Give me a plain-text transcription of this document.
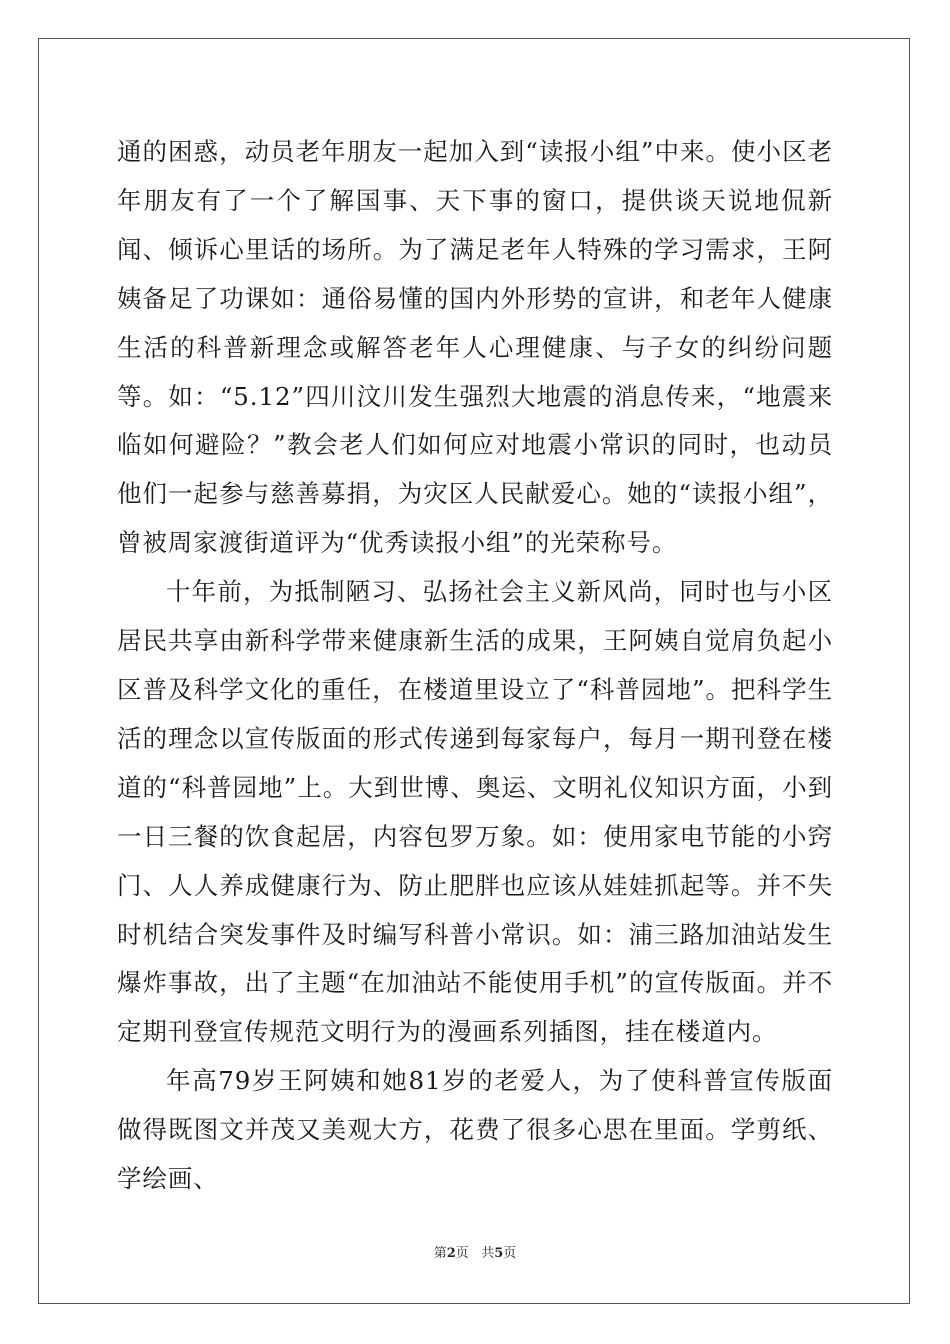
通的困惑，动员老年朋友一起加入到“读报小组”中来。使小区老年朋友有了一个了解国事、天下事的窗口，提供谈天说地侃新闻、倾诉心里话的场所。为了满足老年人特殊的学习需求，王阿姨备足了功课如：通俗易懂的国内外形势的宣讲，和老年人健康生活的科普新理念或解答老年人心理健康、与子女的纠纷问题等。如：“5.12”四川汶川发生强烈大地震的消息传来，“地震来临如何避险？”教会老人们如何应对地震小常识的同时，也动员他们一起参与慈善募捐，为灾区人民献爱心。她的“读报小组”，曾被周家渡街道评为“优秀读报小组”的光荣称号。

十年前，为抵制陋习、弘扬社会主义新风尚，同时也与小区居民共享由新科学带来健康新生活的成果，王阿姨自觉肩负起小区普及科学文化的重任，在楼道里设立了“科普园地”。把科学生活的理念以宣传版面的形式传递到每家每户，每月一期刊登在楼道的“科普园地”上。大到世博、奥运、文明礼仪知识方面，小到一日三餐的饮食起居，内容包罗万象。如：使用家电节能的小窍门、人人养成健康行为、防止肥胖也应该从娃娃抓起等。并不失时机结合突发事件及时编写科普小常识。如：浦三路加油站发生爆炸事故，出了主题“在加油站不能使用手机”的宣传版面。并不定期刊登宣传规范文明行为的漫画系列插图，挂在楼道内。

年高79岁王阿姨和她81岁的老爱人，为了使科普宣传版面做得既图文并茂又美观大方，花费了很多心思在里面。学剪纸、学绘画、

第2页 共5页
